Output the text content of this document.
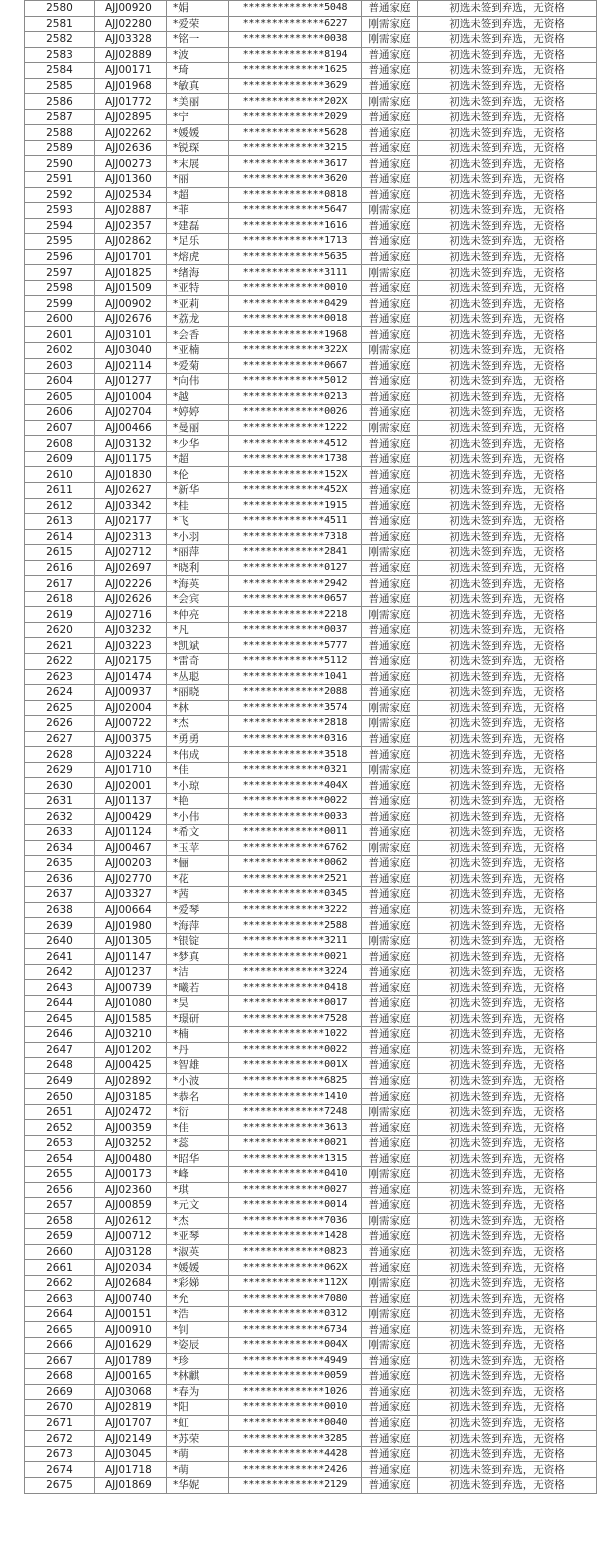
2580	AJJ00920	*娟	**************5048	普通家庭	初选未签到弃选，无资格
2581	AJJ02280	*爱荣	**************6227	刚需家庭	初选未签到弃选，无资格
2582	AJJ03328	*铭一	**************0038	刚需家庭	初选未签到弃选，无资格
2583	AJJ02889	*波	**************8194	普通家庭	初选未签到弃选，无资格
2584	AJJ00171	*琦	**************1625	普通家庭	初选未签到弃选，无资格
2585	AJJ01968	*敏真	**************3629	普通家庭	初选未签到弃选，无资格
2586	AJJ01772	*美丽	**************202X	刚需家庭	初选未签到弃选，无资格
2587	AJJ02895	*宁	**************2029	普通家庭	初选未签到弃选，无资格
2588	AJJ02262	*媛媛	**************5628	普通家庭	初选未签到弃选，无资格
2589	AJJ02636	*锐琛	**************3215	普通家庭	初选未签到弃选，无资格
2590	AJJ00273	*末展	**************3617	普通家庭	初选未签到弃选，无资格
2591	AJJ01360	*丽	**************3620	普通家庭	初选未签到弃选，无资格
2592	AJJ02534	*超	**************0818	普通家庭	初选未签到弃选，无资格
2593	AJJ02887	*菲	**************5647	刚需家庭	初选未签到弃选，无资格
2594	AJJ02357	*建磊	**************1616	普通家庭	初选未签到弃选，无资格
2595	AJJ02862	*足乐	**************1713	普通家庭	初选未签到弃选，无资格
2596	AJJ01701	*熔虎	**************5635	普通家庭	初选未签到弃选，无资格
2597	AJJ01825	*绪海	**************3111	刚需家庭	初选未签到弃选，无资格
2598	AJJ01509	*亚特	**************0010	普通家庭	初选未签到弃选，无资格
2599	AJJ00902	*亚莉	**************0429	普通家庭	初选未签到弃选，无资格
2600	AJJ02676	*荔龙	**************0018	普通家庭	初选未签到弃选，无资格
2601	AJJ03101	*会香	**************1968	普通家庭	初选未签到弃选，无资格
2602	AJJ03040	*亚楠	**************322X	刚需家庭	初选未签到弃选，无资格
2603	AJJ02114	*爱菊	**************0667	普通家庭	初选未签到弃选，无资格
2604	AJJ01277	*向伟	**************5012	普通家庭	初选未签到弃选，无资格
2605	AJJ01004	*越	**************0213	普通家庭	初选未签到弃选，无资格
2606	AJJ02704	*婷婷	**************0026	普通家庭	初选未签到弃选，无资格
2607	AJJ00466	*曼丽	**************1222	刚需家庭	初选未签到弃选，无资格
2608	AJJ03132	*少华	**************4512	普通家庭	初选未签到弃选，无资格
2609	AJJ01175	*超	**************1738	普通家庭	初选未签到弃选，无资格
2610	AJJ01830	*伦	**************152X	普通家庭	初选未签到弃选，无资格
2611	AJJ02627	*新华	**************452X	普通家庭	初选未签到弃选，无资格
2612	AJJ03342	*桂	**************1915	普通家庭	初选未签到弃选，无资格
2613	AJJ02177	*飞	**************4511	普通家庭	初选未签到弃选，无资格
2614	AJJ02313	*小羽	**************7318	普通家庭	初选未签到弃选，无资格
2615	AJJ02712	*丽萍	**************2841	刚需家庭	初选未签到弃选，无资格
2616	AJJ02697	*晓利	**************0127	普通家庭	初选未签到弃选，无资格
2617	AJJ02226	*海英	**************2942	普通家庭	初选未签到弃选，无资格
2618	AJJ02626	*会宾	**************0657	普通家庭	初选未签到弃选，无资格
2619	AJJ02716	*仲亮	**************2218	刚需家庭	初选未签到弃选，无资格
2620	AJJ03232	*凡	**************0037	普通家庭	初选未签到弃选，无资格
2621	AJJ03223	*凯斌	**************5777	普通家庭	初选未签到弃选，无资格
2622	AJJ02175	*雷奇	**************5112	普通家庭	初选未签到弃选，无资格
2623	AJJ01474	*丛聪	**************1041	普通家庭	初选未签到弃选，无资格
2624	AJJ00937	*丽晓	**************2088	普通家庭	初选未签到弃选，无资格
2625	AJJ02004	*林	**************3574	刚需家庭	初选未签到弃选，无资格
2626	AJJ00722	*杰	**************2818	刚需家庭	初选未签到弃选，无资格
2627	AJJ00375	*勇勇	**************0316	普通家庭	初选未签到弃选，无资格
2628	AJJ03224	*伟成	**************3518	普通家庭	初选未签到弃选，无资格
2629	AJJ01710	*佳	**************0321	刚需家庭	初选未签到弃选，无资格
2630	AJJ02001	*小琼	**************404X	普通家庭	初选未签到弃选，无资格
2631	AJJ01137	*艳	**************0022	普通家庭	初选未签到弃选，无资格
2632	AJJ00429	*小伟	**************0033	普通家庭	初选未签到弃选，无资格
2633	AJJ01124	*希文	**************0011	普通家庭	初选未签到弃选，无资格
2634	AJJ00467	*玉苹	**************6762	刚需家庭	初选未签到弃选，无资格
2635	AJJ00203	*俪	**************0062	普通家庭	初选未签到弃选，无资格
2636	AJJ02770	*花	**************2521	普通家庭	初选未签到弃选，无资格
2637	AJJ03327	*茜	**************0345	普通家庭	初选未签到弃选，无资格
2638	AJJ00664	*爱琴	**************3222	普通家庭	初选未签到弃选，无资格
2639	AJJ01980	*海萍	**************2588	普通家庭	初选未签到弃选，无资格
2640	AJJ01305	*银锭	**************3211	刚需家庭	初选未签到弃选，无资格
2641	AJJ01147	*梦真	**************0021	普通家庭	初选未签到弃选，无资格
2642	AJJ01237	*洁	**************3224	普通家庭	初选未签到弃选，无资格
2643	AJJ00739	*曦若	**************0418	普通家庭	初选未签到弃选，无资格
2644	AJJ01080	*昊	**************0017	普通家庭	初选未签到弃选，无资格
2645	AJJ01585	*璟研	**************7528	普通家庭	初选未签到弃选，无资格
2646	AJJ03210	*楠	**************1022	普通家庭	初选未签到弃选，无资格
2647	AJJ01202	*丹	**************0022	普通家庭	初选未签到弃选，无资格
2648	AJJ00425	*智雄	**************001X	普通家庭	初选未签到弃选，无资格
2649	AJJ02892	*小波	**************6825	普通家庭	初选未签到弃选，无资格
2650	AJJ03185	*恭名	**************1410	普通家庭	初选未签到弃选，无资格
2651	AJJ02472	*衍	**************7248	刚需家庭	初选未签到弃选，无资格
2652	AJJ00359	*佳	**************3613	普通家庭	初选未签到弃选，无资格
2653	AJJ03252	*蕊	**************0021	普通家庭	初选未签到弃选，无资格
2654	AJJ00480	*昭华	**************1315	普通家庭	初选未签到弃选，无资格
2655	AJJ00173	*峰	**************0410	刚需家庭	初选未签到弃选，无资格
2656	AJJ02360	*琪	**************0027	普通家庭	初选未签到弃选，无资格
2657	AJJ00859	*元文	**************0014	普通家庭	初选未签到弃选，无资格
2658	AJJ02612	*杰	**************7036	刚需家庭	初选未签到弃选，无资格
2659	AJJ00712	*亚琴	**************1428	普通家庭	初选未签到弃选，无资格
2660	AJJ03128	*淑英	**************0823	普通家庭	初选未签到弃选，无资格
2661	AJJ02034	*媛媛	**************062X	普通家庭	初选未签到弃选，无资格
2662	AJJ02684	*彩娣	**************112X	刚需家庭	初选未签到弃选，无资格
2663	AJJ00740	*允	**************7080	普通家庭	初选未签到弃选，无资格
2664	AJJ00151	*浩	**************0312	刚需家庭	初选未签到弃选，无资格
2665	AJJ00910	*钊	**************6734	普通家庭	初选未签到弃选，无资格
2666	AJJ01629	*姿辰	**************004X	刚需家庭	初选未签到弃选，无资格
2667	AJJ01789	*珍	**************4949	普通家庭	初选未签到弃选，无资格
2668	AJJ00165	*林麒	**************0059	普通家庭	初选未签到弃选，无资格
2669	AJJ03068	*春为	**************1026	普通家庭	初选未签到弃选，无资格
2670	AJJ02819	*阳	**************0010	普通家庭	初选未签到弃选，无资格
2671	AJJ01707	*虹	**************0040	普通家庭	初选未签到弃选，无资格
2672	AJJ02149	*苏荣	**************3285	普通家庭	初选未签到弃选，无资格
2673	AJJ03045	*萌	**************4428	普通家庭	初选未签到弃选，无资格
2674	AJJ01718	*萌	**************2426	普通家庭	初选未签到弃选，无资格
2675	AJJ01869	*华妮	**************2129	普通家庭	初选未签到弃选，无资格
